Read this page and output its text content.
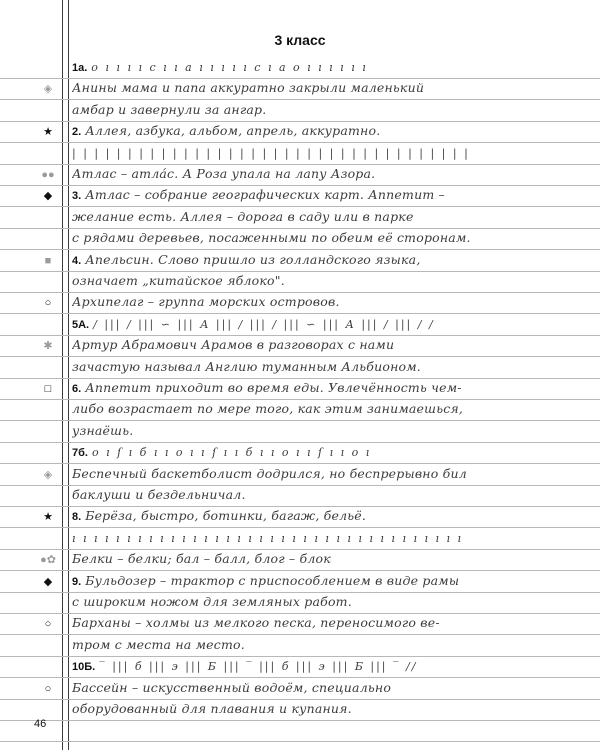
3 класс
1а. о ı ı ı ı с ı ı а ı ı ı ı ı с ı а о ı ı ı ı ı ı
Анины мама и папа аккуратно закрыли маленький
амбар и завернули за ангар.
2. Аллея, азбука, альбом, апрель, аккуратно.
| | | | | | | | | | | | | | | | | | | | | | | | | | | | | | | | | | | |
Атлас – атла́с. А Роза упала на лапу Азора.
3. Атлас – собрание географических карт. Аппетит –
желание есть. Аллея – дорога в саду или в парке
с рядами деревьев, посаженными по обеим её сторонам.
4. Апельсин. Слово пришло из голландского языка,
означает „китайское яблоко".
Архипелаг – группа морских островов.
5А. / ||| / ||| ∽ ||| А ||| / ||| / ||| ∽ ||| А ||| / ||| / /
Артур Абрамович Арамов в разговорах с нами
зачастую называл Англию туманным Альбионом.
6. Аппетит приходит во время еды. Увлечённость чем-
либо возрастает по мере того, как этим занимаешься,
узнаёшь.
7б. о ı ſ ı б ı ı о ı ı ſ ı ı б ı ı о ı ı ſ ı ı о ı
Беспечный баскетболист додрился, но беспрерывно бил
баклуши и бездельничал.
8. Берёза, быстро, ботинки, багаж, бельё.
ı ı ı ı ı ı ı ı ı ı ı ı ı ı ı ı ı ı ı ı ı ı ı ı ı ı ı ı ı ı ı ı ı ı ı ı
Белки – белки; бал – балл, блог – блок
9. Бульдозер – трактор с приспособлением в виде рамы
с широким ножом для земляных работ.
Барханы – холмы из мелкого песка, переносимого ве-
тром с места на место.
10Б. ‾ ||| б ||| э ||| Б ||| ‾ ||| б ||| э ||| Б ||| ‾ //
Бассейн – искусственный водоём, специально
оборудованный для плавания и купания.
◈
★
●●
◆
■
○
✱
□
◈
★
●✿
◆
○
○
46
